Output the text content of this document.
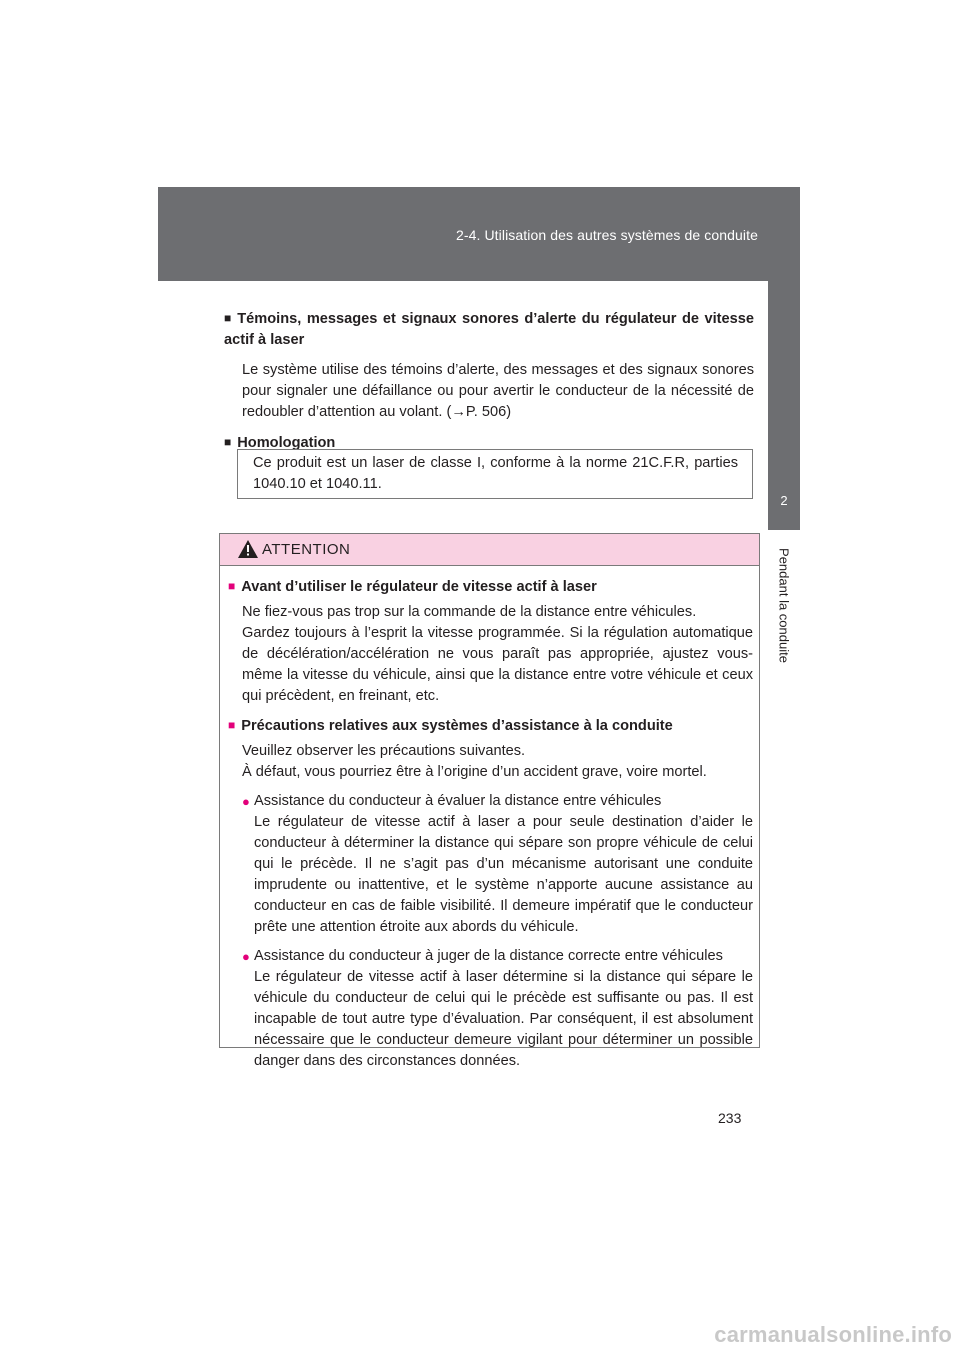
2-4. Utilisation des autres systèmes de conduite
2
Pendant la conduite
■ Témoins, messages et signaux sonores d’alerte du régulateur de vitesse actif à laser
Le système utilise des témoins d’alerte, des messages et des signaux sonores pour signaler une défaillance ou pour avertir le conducteur de la nécessité de redoubler d’attention au volant. (→P. 506)
■ Homologation
Ce produit est un laser de classe I, conforme à la norme 21C.F.R, parties 1040.10 et 1040.11.
ATTENTION
■ Avant d’utiliser le régulateur de vitesse actif à laser
Ne fiez-vous pas trop sur la commande de la distance entre véhicules.
Gardez toujours à l’esprit la vitesse programmée. Si la régulation automatique de décélération/accélération ne vous paraît pas appropriée, ajustez vous-même la vitesse du véhicule, ainsi que la distance entre votre véhicule et ceux qui précèdent, en freinant, etc.
■ Précautions relatives aux systèmes d’assistance à la conduite
Veuillez observer les précautions suivantes.
À défaut, vous pourriez être à l’origine d’un accident grave, voire mortel.
● Assistance du conducteur à évaluer la distance entre véhicules
Le régulateur de vitesse actif à laser a pour seule destination d’aider le conducteur à déterminer la distance qui sépare son propre véhicule de celui qui le précède. Il ne s’agit pas d’un mécanisme autorisant une conduite imprudente ou inattentive, et le système n’apporte aucune assistance au conducteur en cas de faible visibilité. Il demeure impératif que le conducteur prête une attention étroite aux abords du véhicule.
● Assistance du conducteur à juger de la distance correcte entre véhicules
Le régulateur de vitesse actif à laser détermine si la distance qui sépare le véhicule du conducteur de celui qui le précède est suffisante ou pas. Il est incapable de tout autre type d’évaluation. Par conséquent, il est absolument nécessaire que le conducteur demeure vigilant pour déterminer un possible danger dans des circonstances données.
233
carmanualsonline.info
